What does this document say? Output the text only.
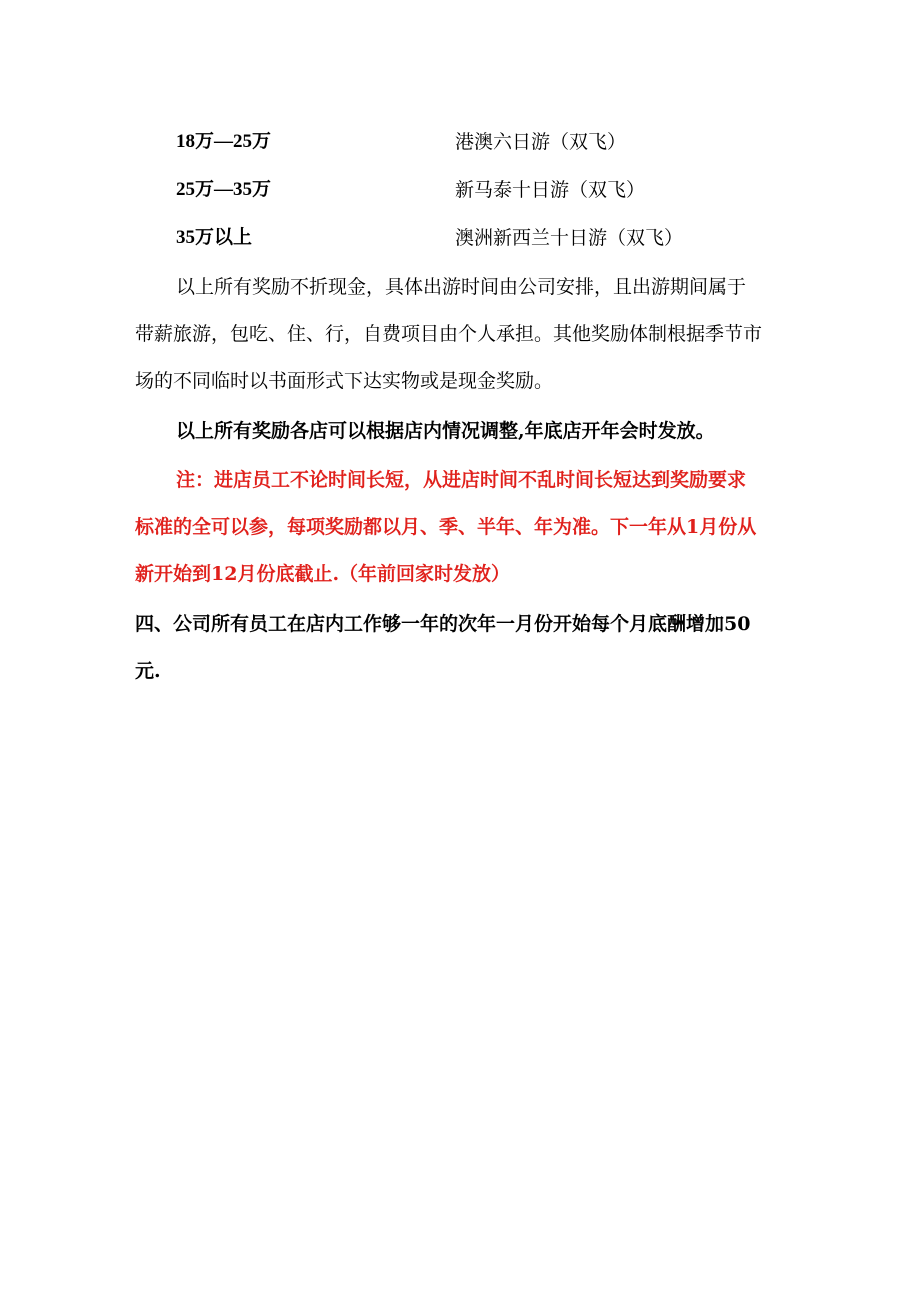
18万—25万	港澳六日游（双飞）
25万—35万	新马泰十日游（双飞）
35万以上	澳洲新西兰十日游（双飞）

以上所有奖励不折现金，具体出游时间由公司安排，且出游期间属于
带薪旅游，包吃、住、行，自费项目由个人承担。其他奖励体制根据季节市
场的不同临时以书面形式下达实物或是现金奖励。

以上所有奖励各店可以根据店内情况调整,年底店开年会时发放。

注：进店员工不论时间长短，从进店时间不乱时间长短达到奖励要求
标准的全可以参，每项奖励都以月、季、半年、年为准。下一年从1月份从
新开始到12月份底截止.（年前回家时发放）

四、公司所有员工在店内工作够一年的次年一月份开始每个月底酬增加50
元.
